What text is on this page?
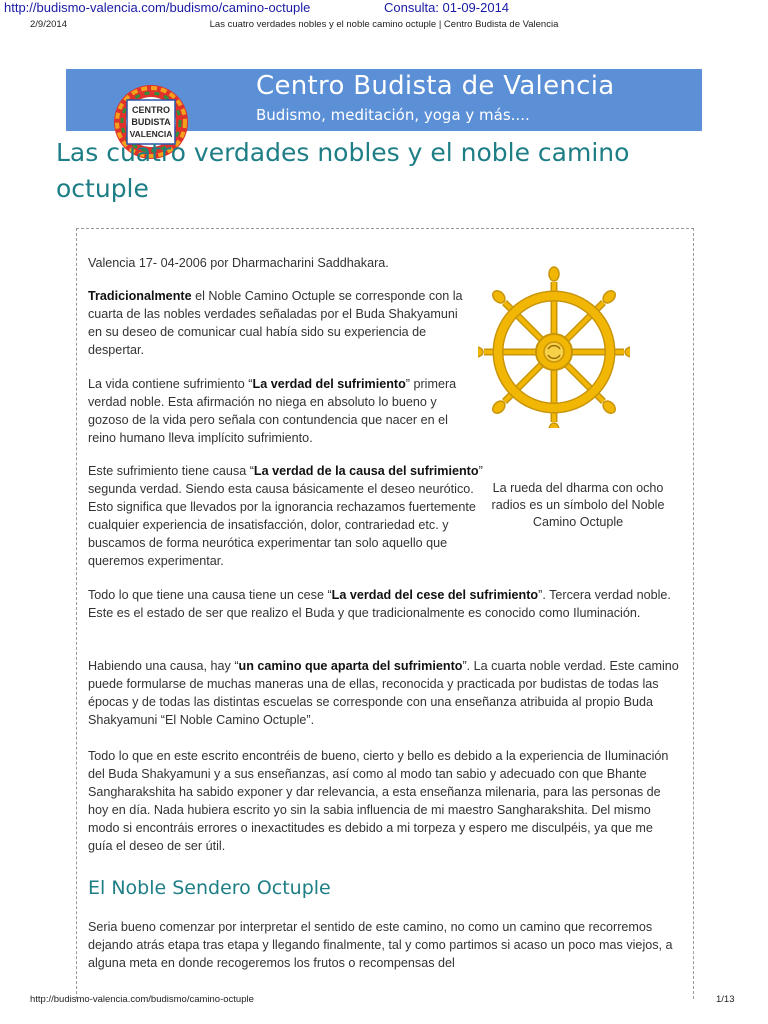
http://budismo-valencia.com/budismo/camino-octuple	Consulta: 01-09-2014
2/9/2014	Las cuatro verdades nobles y el noble camino octuple | Centro Budista de Valencia
Centro Budista de Valencia
Budismo, meditación, yoga y más....
CENTRO
BUDISTA
VALENCIA
Las cuatro verdades nobles y el noble camino octuple
Valencia 17- 04-2006 por Dharmacharini Saddhakara.
Tradicionalmente el Noble Camino Octuple se corresponde con la cuarta de las nobles verdades señaladas por el Buda Shakyamuni en su deseo de comunicar cual había sido su experiencia de despertar.
La vida contiene sufrimiento “La verdad del sufrimiento” primera verdad noble. Esta afirmación no niega en absoluto lo bueno y gozoso de la vida pero señala con contundencia que nacer en el reino humano lleva implícito sufrimiento.
Este sufrimiento tiene causa “La verdad de la causa del sufrimiento” segunda verdad. Siendo esta causa básicamente el deseo neurótico. Esto significa que llevados por la ignorancia rechazamos fuertemente cualquier experiencia de insatisfacción, dolor, contrariedad etc. y buscamos de forma neurótica experimentar tan solo aquello que queremos experimentar.
La rueda del dharma con ocho radios es un símbolo del Noble Camino Octuple
Todo lo que tiene una causa tiene un cese “La verdad del cese del sufrimiento”. Tercera verdad noble. Este es el estado de ser que realizo el Buda y que tradicionalmente es conocido como Iluminación.
Habiendo una causa, hay “un camino que aparta del sufrimiento”. La cuarta noble verdad. Este camino puede formularse de muchas maneras una de ellas, reconocida y practicada por budistas de todas las épocas y de todas las distintas escuelas se corresponde con una enseñanza atribuida al propio Buda Shakyamuni “El Noble Camino Octuple”.
Todo lo que en este escrito encontréis de bueno, cierto y bello es debido a la experiencia de Iluminación del Buda Shakyamuni y a sus enseñanzas, así como al modo tan sabio y adecuado con que Bhante Sangharakshita ha sabido exponer y dar relevancia, a esta enseñanza milenaria, para las personas de hoy en día. Nada hubiera escrito yo sin la sabia influencia de mi maestro Sangharakshita. Del mismo modo si encontráis errores o inexactitudes es debido a mi torpeza y espero me disculpéis, ya que me guía el deseo de ser útil.
El Noble Sendero Octuple
Seria bueno comenzar por interpretar el sentido de este camino, no como un camino que recorremos dejando atrás etapa tras etapa y llegando finalmente, tal y como partimos si acaso un poco mas viejos, a alguna meta en donde recogeremos los frutos o recompensas del
http://budismo-valencia.com/budismo/camino-octuple	1/13
